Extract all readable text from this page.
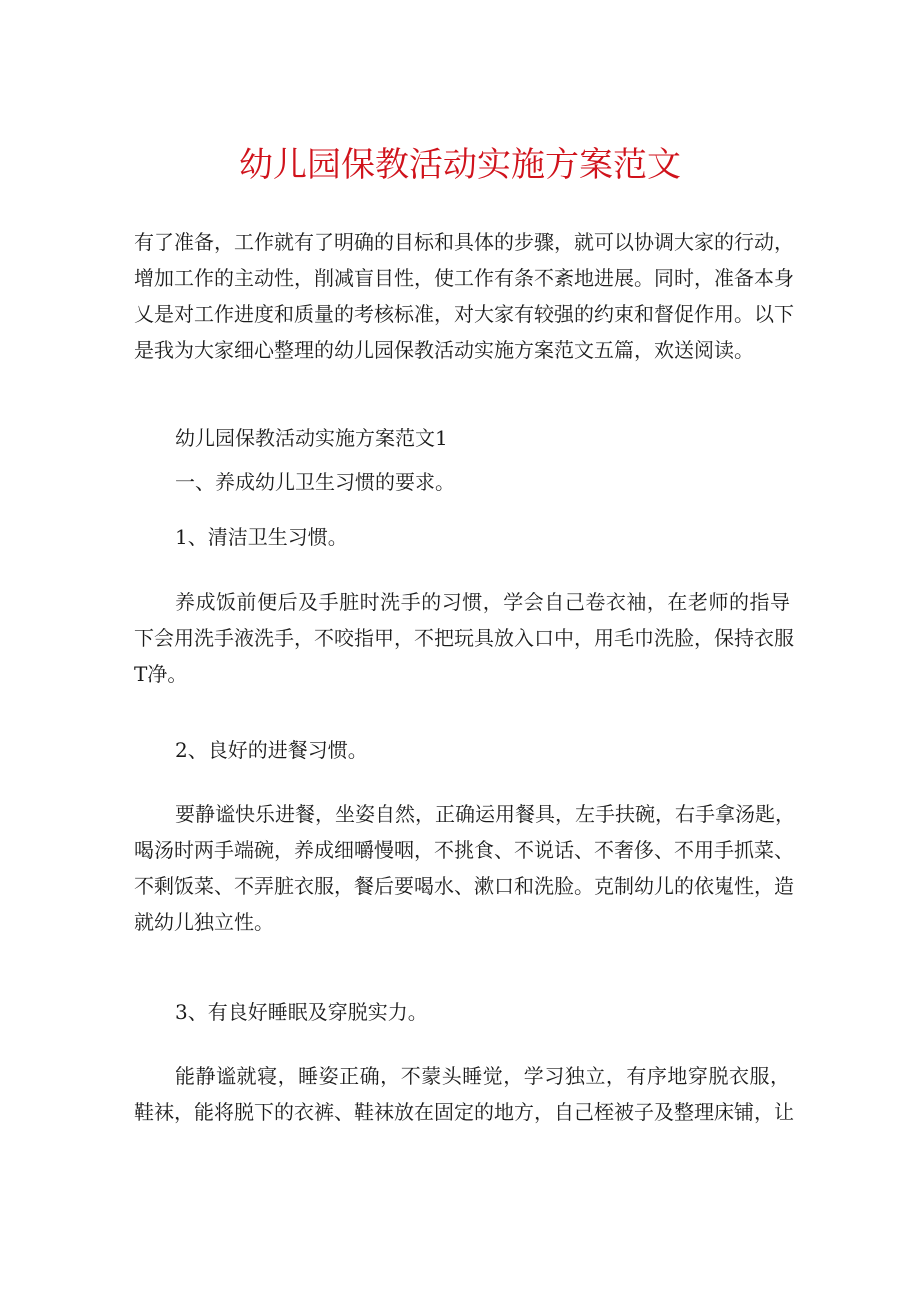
幼儿园保教活动实施方案范文
有了准备，工作就有了明确的目标和具体的步骤，就可以协调大家的行动，
增加工作的主动性，削减盲目性，使工作有条不紊地进展。同时，准备本身
乂是对工作进度和质量的考核标准，对大家有较强的约束和督促作用。以下
是我为大家细心整理的幼儿园保教活动实施方案范文五篇，欢送阅读。

幼儿园保教活动实施方案范文1

一、养成幼儿卫生习惯的要求。

1、清洁卫生习惯。

养成饭前便后及手脏时洗手的习惯，学会自己卷衣袖，在老师的指导
下会用洗手液洗手，不咬指甲，不把玩具放入口中，用毛巾洗脸，保持衣服
T净。

2、良好的进餐习惯。

要静谧快乐进餐，坐姿自然，正确运用餐具，左手扶碗，右手拿汤匙，
喝汤时两手端碗，养成细嚼慢咽，不挑食、不说话、不奢侈、不用手抓菜、
不剩饭菜、不弄脏衣服，餐后要喝水、漱口和洗脸。克制幼儿的依嵬性，造
就幼儿独立性。

3、有良好睡眠及穿脱实力。

能静谧就寝，睡姿正确，不蒙头睡觉，学习独立，有序地穿脱衣服，
鞋袜，能将脱下的衣裤、鞋袜放在固定的地方，自己桎被子及整理床铺，让
